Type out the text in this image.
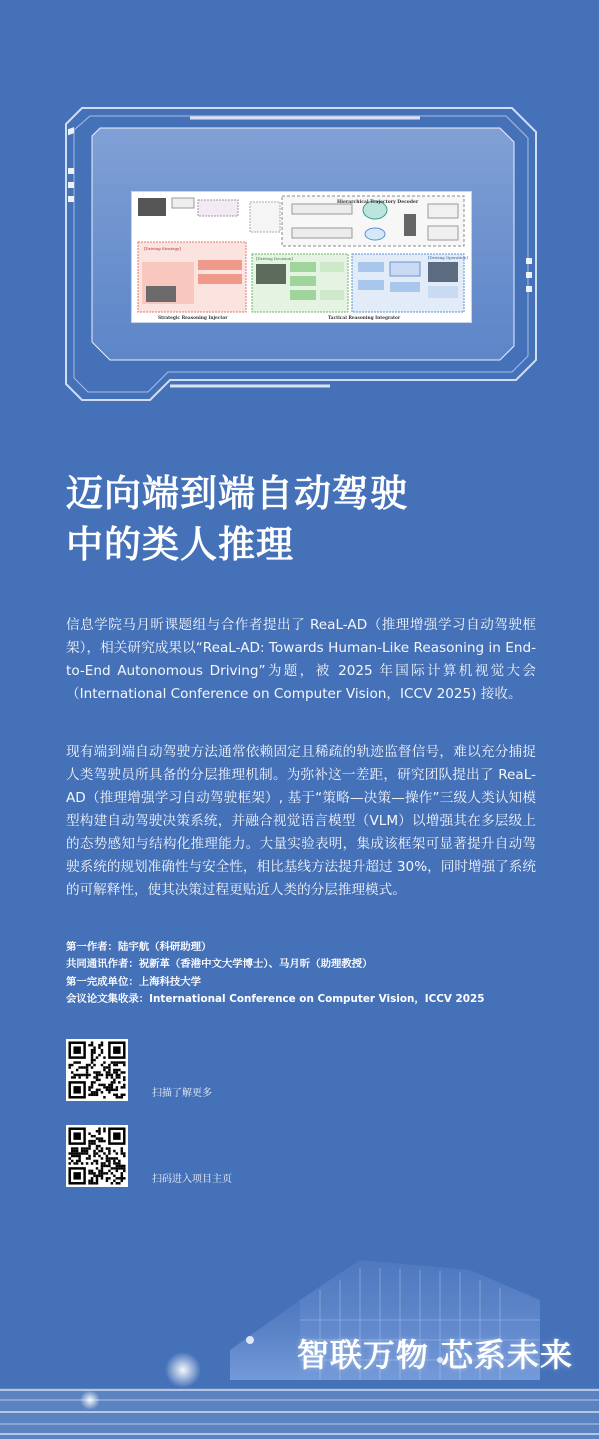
Hierarchical Trajectory Decoder
[Driving Strategy]
[Driving Decision]	[Driving Operation]
Strategic Reasoning Injector	Tactical Reasoning Integrator
迈向端到端自动驾驶
中的类人推理

信息学院马月昕课题组与合作者提出了 ReaL-AD（推理增强学习自动驾驶框架），相关研究成果以“ReaL-AD: Towards Human-Like Reasoning in End-to-End Autonomous Driving”为题，被 2025 年国际计算机视觉大会（International Conference on Computer Vision，ICCV 2025) 接收。

现有端到端自动驾驶方法通常依赖固定且稀疏的轨迹监督信号，难以充分捕捉人类驾驶员所具备的分层推理机制。为弥补这一差距，研究团队提出了 ReaL-AD（推理增强学习自动驾驶框架）, 基于“策略—决策—操作”三级人类认知模型构建自动驾驶决策系统，并融合视觉语言模型（VLM）以增强其在多层级上的态势感知与结构化推理能力。大量实验表明，集成该框架可显著提升自动驾驶系统的规划准确性与安全性，相比基线方法提升超过 30%，同时增强了系统的可解释性，使其决策过程更贴近人类的分层推理模式。

第一作者：陆宇航（科研助理）
共同通讯作者：祝新革（香港中文大学博士）、马月昕（助理教授）
第一完成单位：上海科技大学
会议论文集收录：International Conference on Computer Vision，ICCV 2025
扫描了解更多
扫码进入项目主页
智联万物 芯系未来
